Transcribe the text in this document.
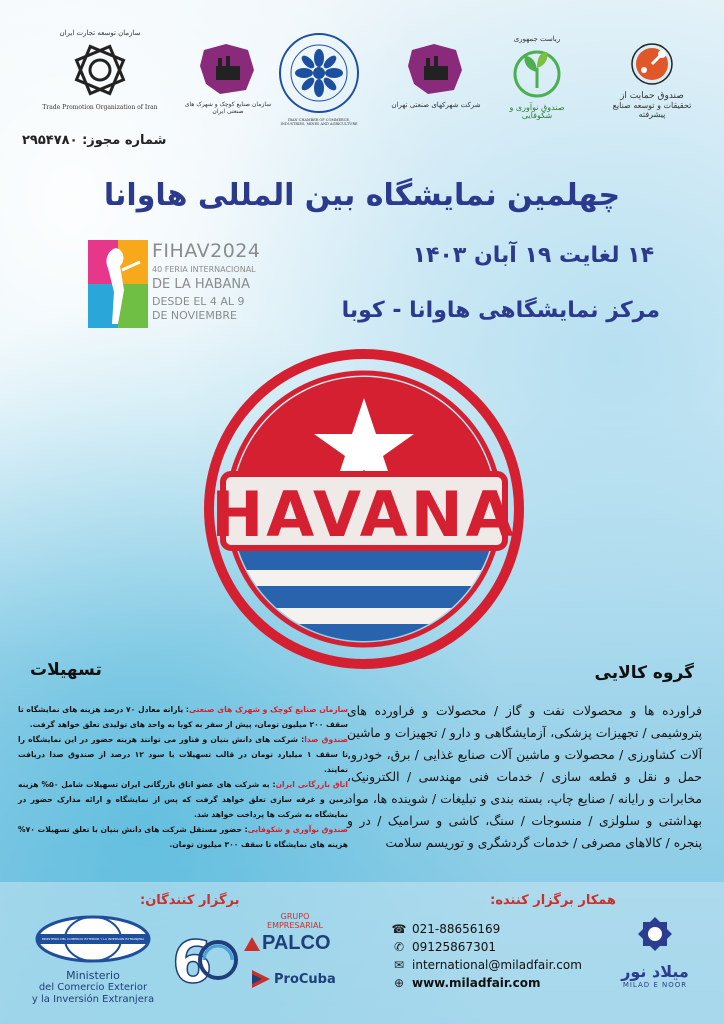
سازمان توسعه تجارت ایران
Trade Promotion Organization of Iran	سازمان صنایع کوچک و شهرک های صنعتی ایران
IRAN CHAMBER OF COMMERCE, INDUSTRIES, MINES AND AGRICULTURE
شرکت شهرکهای صنعتی تهران
ریاست جمهوری
صندوق نوآوری و شکوفایی
صندوق حمایت از
تحقیقات و توسعه صنایع پیشرفته
شماره مجوز: ۲۹۵۴۷۸۰
چهلمین نمایشگاه بین المللی هاوانا
۱۴ لغایت ۱۹ آبان ۱۴۰۳
مرکز نمایشگاهی هاوانا - کوبا
FIHAV2024
40 FERIA INTERNACIONAL
DE LA HABANA
DESDE EL 4 AL 9
DE NOVIEMBRE
HAVANA
تسهیلات

سازمان صنایع کوچک و شهرک های صنعتی: یارانه معادل ۷۰ درصد هزینه های نمایشگاه تا سقف ۲۰۰ میلیون تومان، پیش از سفر به کوبا به واحد های تولیدی تعلق خواهد گرفت.

صندوق صدا: شرکت های دانش بنیان و فناور می توانند هزینه حضور در این نمایشگاه را تا سقف ۱ میلیارد تومان در قالب تسهیلات با سود ۱۲ درصد از صندوق صدا دریافت نمایند.

اتاق بازرگانی ایران: به شرکت های عضو اتاق بازرگانی ایران تسهیلات شامل ۵۰% هزینه زمین و غرفه سازی تعلق خواهد گرفت که پس از نمایشگاه و ارائه مدارک حضور در نمایشگاه به شرکت ها پرداخت خواهد شد.

صندوق نوآوری و شکوفایی: حضور مستقل شرکت های دانش بنیان با تعلق تسهیلات ۷۰% هزینه های نمایشگاه تا سقف ۳۰۰ میلیون تومان.

گروه کالایی
فراورده ها و محصولات نفت و گاز / محصولات و فراورده های پتروشیمی / تجهیزات پزشکی، آزمایشگاهی و دارو / تجهیزات و ماشین آلات کشاورزی / محصولات و ماشین آلات صنایع غذایی / برق، خودرو، حمل و نقل و قطعه سازی / خدمات فنی مهندسی / الکترونیک، مخابرات و رایانه / صنایع چاپ، بسته بندی و تبلیغات / شوینده ها، مواد بهداشتی و سلولزی / منسوجات / سنگ، کاشی و سرامیک / در و پنجره / کالاهای مصرفی / خدمات گردشگری و توریسم سلامت
برگزار کنندگان:	همکار برگزار کننده:
MINISTERIO DEL COMERCIO EXTERIOR Y LA INVERSIÓN EXTRANJERA
Ministerio
del Comercio Exterior
y la Inversión Extranjera
6
GRUPO
EMPRESARIAL
PALCO
ProCuba
☎ 021-88656169
✆ 09125867301
✉ international@miladfair.com
⊕ www.miladfair.com
میلاد نور
MILAD E NOOR
